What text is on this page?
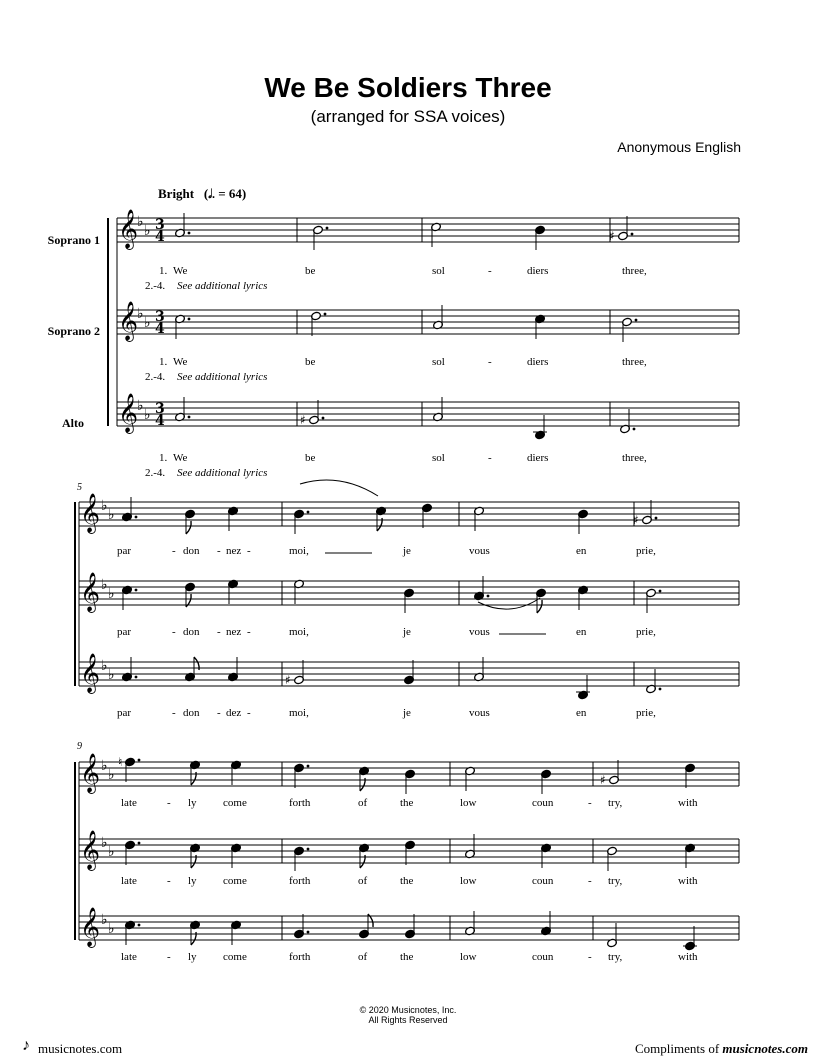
We Be Soldiers Three
(arranged for SSA voices)
Anonymous English
Bright   (𝅗𝅥. = 64)
Soprano 1
Soprano 2
Alto
𝄞
♭
♭ 3
4
𝄞
♭
♭ 3
4
𝄞
♭
♭ 3
4
♯
♯
𝄞 ♭
♭
𝄞 ♭
♭
𝄞 ♭
♭
♯
♯
𝄞 ♭
♭
𝄞 ♭
♭
𝄞 ♭
♭
♮
♯
1.
2.-4. See additional lyrics
1.
2.-4. See additional lyrics
1.
2.-4. See additional lyrics
We	be	sol	-	diers	three,
We	be	sol	-	diers	three,
We	be	sol	-	diers	three,
par	- don - nez -	moi,	je	vous	en	prie,
par	- don - nez -	moi,	je	vous	en	prie,
par	- don - dez -	moi,	je	vous	en	prie,
late	- ly come	forth	of	the	low	coun	- try,	with
late	- ly come	forth	of	the	low	coun	- try,	with
late	- ly come	forth	of	the	low	coun	- try,	with
5
9
© 2020 Musicnotes, Inc.
All Rights Reserved
♪ musicnotes.com	Compliments of musicnotes.com
